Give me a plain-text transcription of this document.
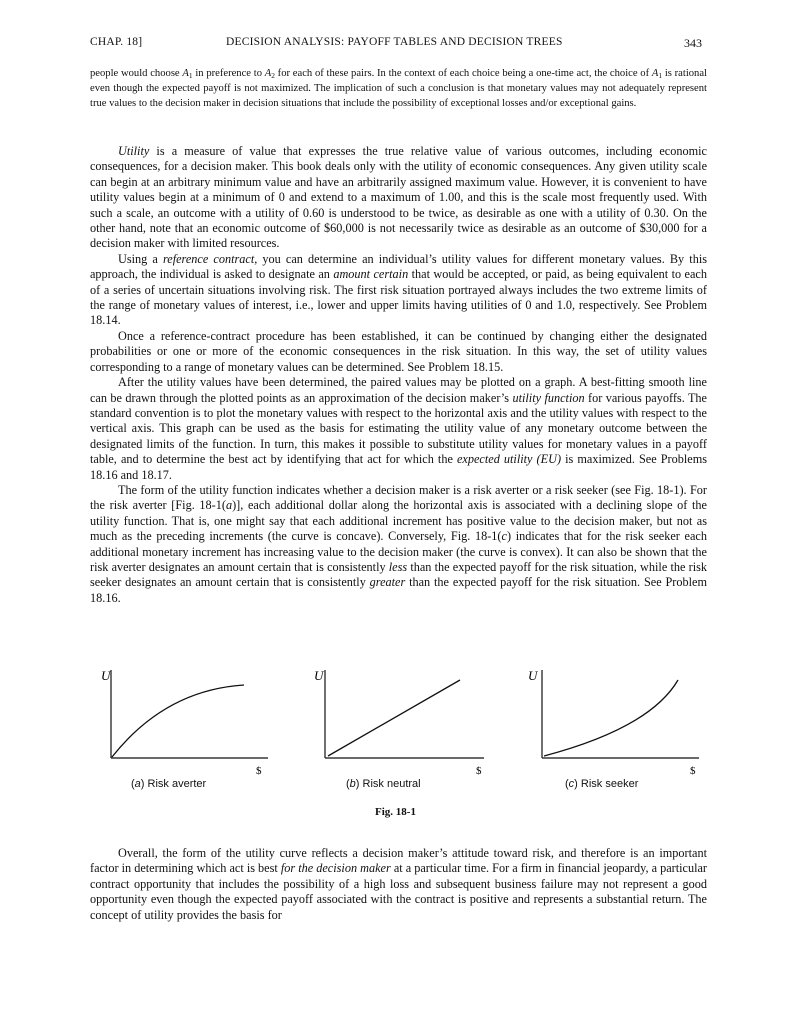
CHAP. 18]	DECISION ANALYSIS: PAYOFF TABLES AND DECISION TREES	343
people would choose $A_1$ in preference to $A_2$ for each of these pairs. In the context of each choice being a one-time act, the choice of $A_1$ is rational even though the expected payoff is not maximized. The implication of such a conclusion is that monetary values may not adequately represent true values to the decision maker in decision situations that include the possibility of exceptional losses and/or exceptional gains.

Utility is a measure of value that expresses the true relative value of various outcomes, including economic consequences, for a decision maker. This book deals only with the utility of economic consequences. Any given utility scale can begin at an arbitrary minimum value and have an arbitrarily assigned maximum value. However, it is convenient to have utility values begin at a minimum of 0 and extend to a maximum of 1.00, and this is the scale most frequently used. With such a scale, an outcome with a utility of 0.60 is understood to be twice, as desirable as one with a utility of 0.30. On the other hand, note that an economic outcome of $60,000 is not necessarily twice as desirable as an outcome of $30,000 for a decision maker with limited resources.

Using a reference contract, you can determine an individual’s utility values for different monetary values. By this approach, the individual is asked to designate an amount certain that would be accepted, or paid, as being equivalent to each of a series of uncertain situations involving risk. The first risk situation portrayed always includes the two extreme limits of the range of monetary values of interest, i.e., lower and upper limits having utilities of 0 and 1.0, respectively. See Problem 18.14.

Once a reference-contract procedure has been established, it can be continued by changing either the designated probabilities or one or more of the economic consequences in the risk situation. In this way, the set of utility values corresponding to a range of monetary values can be determined. See Problem 18.15.

After the utility values have been determined, the paired values may be plotted on a graph. A best-fitting smooth line can be drawn through the plotted points as an approximation of the decision maker’s utility function for various payoffs. The standard convention is to plot the monetary values with respect to the horizontal axis and the utility values with respect to the vertical axis. This graph can be used as the basis for estimating the utility value of any monetary outcome between the designated limits of the function. In turn, this makes it possible to substitute utility values for monetary values in a payoff table, and to determine the best act by identifying that act for which the expected utility (EU) is maximized. See Problems 18.16 and 18.17.

The form of the utility function indicates whether a decision maker is a risk averter or a risk seeker (see Fig. 18-1). For the risk averter [Fig. 18-1(a)], each additional dollar along the horizontal axis is associated with a declining slope of the utility function. That is, one might say that each additional increment has positive value to the decision maker, but not as much as the preceding increments (the curve is concave). Conversely, Fig. 18-1(c) indicates that for the risk seeker each additional monetary increment has increasing value to the decision maker (the curve is convex). It can also be shown that the risk averter designates an amount certain that is consistently less than the expected payoff for the risk situation, while the risk seeker designates an amount certain that is consistently greater than the expected payoff for the risk situation. See Problem 18.16.

U
$
U
$
U
$
(a) Risk averter	(b) Risk neutral	(c) Risk seeker
Fig. 18-1

Overall, the form of the utility curve reflects a decision maker’s attitude toward risk, and therefore is an important factor in determining which act is best for the decision maker at a particular time. For a firm in financial jeopardy, a particular contract opportunity that includes the possibility of a high loss and subsequent business failure may not represent a good opportunity even though the expected payoff associated with the contract is positive and represents a substantial return. The concept of utility provides the basis for
